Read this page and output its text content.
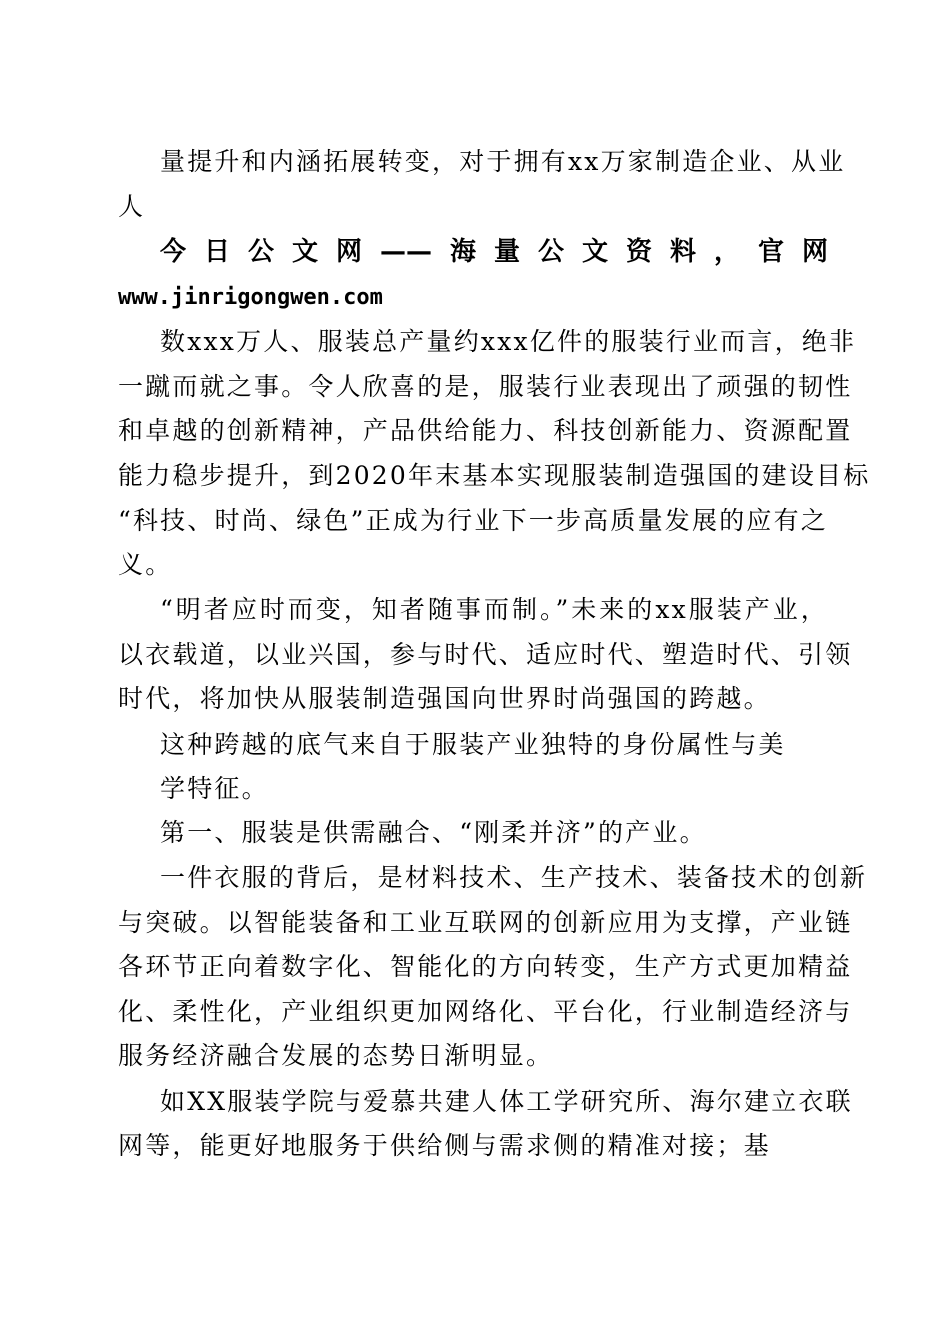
量提升和内涵拓展转变，对于拥有xx万家制造企业、从业
人
今日公文网——海量公文资料，官网
www.jinrigongwen.com
数xxx万人、服装总产量约xxx亿件的服装行业而言，绝非
一蹴而就之事。令人欣喜的是，服装行业表现出了顽强的韧性
和卓越的创新精神，产品供给能力、科技创新能力、资源配置
能力稳步提升，到2020年末基本实现服装制造强国的建设目标
“科技、时尚、绿色”正成为行业下一步高质量发展的应有之
义。
“明者应时而变，知者随事而制。”未来的xx服装产业，
以衣载道，以业兴国，参与时代、适应时代、塑造时代、引领
时代，将加快从服装制造强国向世界时尚强国的跨越。
这种跨越的底气来自于服装产业独特的身份属性与美
学特征。
第一、服装是供需融合、“刚柔并济”的产业。
一件衣服的背后，是材料技术、生产技术、装备技术的创新
与突破。以智能装备和工业互联网的创新应用为支撑，产业链
各环节正向着数字化、智能化的方向转变，生产方式更加精益
化、柔性化，产业组织更加网络化、平台化，行业制造经济与
服务经济融合发展的态势日渐明显。
如XX服装学院与爱慕共建人体工学研究所、海尔建立衣联
网等，能更好地服务于供给侧与需求侧的精准对接；基
